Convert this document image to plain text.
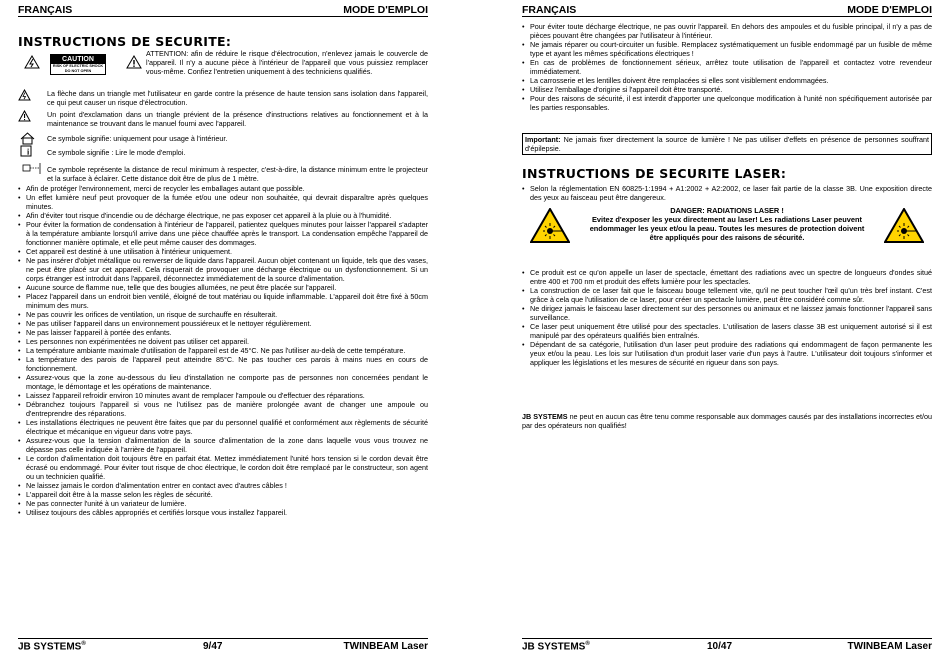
FRANÇAIS	MODE D'EMPLOI
INSTRUCTIONS DE SECURITE:
CAUTION
RISK OF ELECTRIC SHOCK
DO NOT OPEN
ATTENTION: afin de réduire le risque d'électrocution, n'enlevez jamais le couvercle de l'appareil. Il n'y a aucune pièce à l'intérieur de l'appareil que vous puissiez remplacer vous-même. Confiez l'entretien uniquement à des techniciens qualifiés.
La flèche dans un triangle met l'utilisateur en garde contre la présence de haute tension sans isolation dans l'appareil, ce qui peut causer un risque d'électrocution.
Un point d'exclamation dans un triangle prévient de la présence d'instructions relatives au fonctionnement et à la maintenance se trouvant dans le manuel fourni avec l'appareil.
Ce symbole signifie: uniquement pour usage à l'intérieur.
i Ce symbole signifie : Lire le mode d'emploi.
Ce symbole représente la distance de recul minimum à respecter, c'est-à-dire, la distance minimum entre le projecteur et la surface à éclairer. Cette distance doit être de plus de 1 mètre.
• Afin de protéger l'environnement, merci de recycler les emballages autant que possible.
• Un effet lumière neuf peut provoquer de la fumée et/ou une odeur non souhaitée, qui devrait disparaître après quelques minutes.
• Afin d'éviter tout risque d'incendie ou de décharge électrique, ne pas exposer cet appareil à la pluie ou à l'humidité.
• Pour éviter la formation de condensation à l'intérieur de l'appareil, patientez quelques minutes pour laisser l'appareil s'adapter à la température ambiante lorsqu'il arrive dans une pièce chauffée après le transport. La condensation empêche l'appareil de fonctionner manière optimale, et elle peut même causer des dommages.
• Cet appareil est destiné à une utilisation à l'intérieur uniquement.
• Ne pas insérer d'objet métallique ou renverser de liquide dans l'appareil. Aucun objet contenant un liquide, tels que des vases, ne peut être placé sur cet appareil. Cela risquerait de provoquer une décharge électrique ou un dysfonctionnement. Si un corps étranger est introduit dans l'appareil, déconnectez immédiatement de la source d'alimentation.
• Aucune source de flamme nue, telle que des bougies allumées, ne peut être placée sur l'appareil.
• Placez l'appareil dans un endroit bien ventilé, éloigné de tout matériau ou liquide inflammable. L'appareil doit être fixé à 50cm minimum des murs.
• Ne pas couvrir les orifices de ventilation, un risque de surchauffe en résulterait.
• Ne pas utiliser l'appareil dans un environnement poussiéreux et le nettoyer régulièrement.
• Ne pas laisser l'appareil à portée des enfants.
• Les personnes non expérimentées ne doivent pas utiliser cet appareil.
• La température ambiante maximale d'utilisation de l'appareil est de 45°C. Ne pas l'utiliser au-delà de cette température.
• La température des parois de l'appareil peut atteindre 85°C. Ne pas toucher ces parois à mains nues en cours de fonctionnement.
• Assurez-vous que la zone au-dessous du lieu d'installation ne comporte pas de personnes non concernées pendant le montage, le démontage et les opérations de maintenance.
• Laissez l'appareil refroidir environ 10 minutes avant de remplacer l'ampoule ou d'effectuer des réparations.
• Débranchez toujours l'appareil si vous ne l'utilisez pas de manière prolongée avant de changer une ampoule ou d'entreprendre des réparations.
• Les installations électriques ne peuvent être faites que par du personnel qualifié et conformément aux règlements de sécurité électrique et mécanique en vigueur dans votre pays.
• Assurez-vous que la tension d'alimentation de la source d'alimentation de la zone dans laquelle vous vous trouvez ne dépasse pas celle indiquée à l'arrière de l'appareil.
• Le cordon d'alimentation doit toujours être en parfait état. Mettez immédiatement l'unité hors tension si le cordon devait être écrasé ou endommagé. Pour éviter tout risque de choc électrique, le cordon doit être remplacé par le constructeur, son agent ou un technicien qualifié.
• Ne laissez jamais le cordon d'alimentation entrer en contact avec d'autres câbles !
• L'appareil doit être à la masse selon les règles de sécurité.
• Ne pas connecter l'unité à un variateur de lumière.
• Utilisez toujours des câbles appropriés et certifiés lorsque vous installez l'appareil.
JB SYSTEMS®	9/47	TWINBEAM Laser
FRANÇAIS	MODE D'EMPLOI
• Pour éviter toute décharge électrique, ne pas ouvrir l'appareil. En dehors des ampoules et du fusible principal, il n'y a pas de pièces pouvant être changées par l'utilisateur à l'intérieur.
• Ne jamais réparer ou court-circuiter un fusible. Remplacez systématiquement un fusible endommagé par un fusible de même type et ayant les mêmes spécifications électriques !
• En cas de problèmes de fonctionnement sérieux, arrêtez toute utilisation de l'appareil et contactez votre revendeur immédiatement.
• La carrosserie et les lentilles doivent être remplacées si elles sont visiblement endommagées.
• Utilisez l'emballage d'origine si l'appareil doit être transporté.
• Pour des raisons de sécurité, il est interdit d'apporter une quelconque modification à l'unité non spécifiquement autorisée par les parties responsables.
Important: Ne jamais fixer directement la source de lumière ! Ne pas utiliser d'effets en présence de personnes souffrant d'épilepsie.
INSTRUCTIONS DE SECURITE LASER:
• Selon la réglementation EN 60825-1:1994 + A1:2002 + A2:2002, ce laser fait partie de la classe 3B. Une exposition directe des yeux au faisceau peut être dangereux.
DANGER: RADIATIONS LASER !
Evitez d'exposer les yeux directement au laser! Les radiations Laser peuvent endommager les yeux et/ou la peau. Toutes les mesures de protection doivent être appliqués pour des raisons de sécurité.
• Ce produit est ce qu'on appelle un laser de spectacle, émettant des radiations avec un spectre de longueurs d'ondes situé entre 400 et 700 nm et produit des effets lumière pour les spectacles.
• La construction de ce laser fait que le faisceau bouge tellement vite, qu'il ne peut toucher l'œil qu'un très bref instant. C'est grâce à cela que l'utilisation de ce laser, pour créer un spectacle lumière, peut être considéré comme sûr.
• Ne dirigez jamais le faisceau laser directement sur des personnes ou animaux et ne laissez jamais fonctionner l'appareil sans surveillance.
• Ce laser peut uniquement être utilisé pour des spectacles. L'utilisation de lasers classe 3B est uniquement autorisé si il est manipulé par des opérateurs qualifiés bien entraînés.
• Dépendant de sa catégorie, l'utilisation d'un laser peut produire des radiations qui endommagent de façon permanente les yeux et/ou la peau. Les lois sur l'utilisation d'un produit laser varie d'un pays à l'autre. L'utilisateur doit toujours s'informer et appliquer les législations et les mesures de sécurité en rigueur dans son pays.
JB SYSTEMS ne peut en aucun cas être tenu comme responsable aux dommages causés par des installations incorrectes et/ou par des opérateurs non qualifiés!
JB SYSTEMS®	10/47	TWINBEAM Laser
